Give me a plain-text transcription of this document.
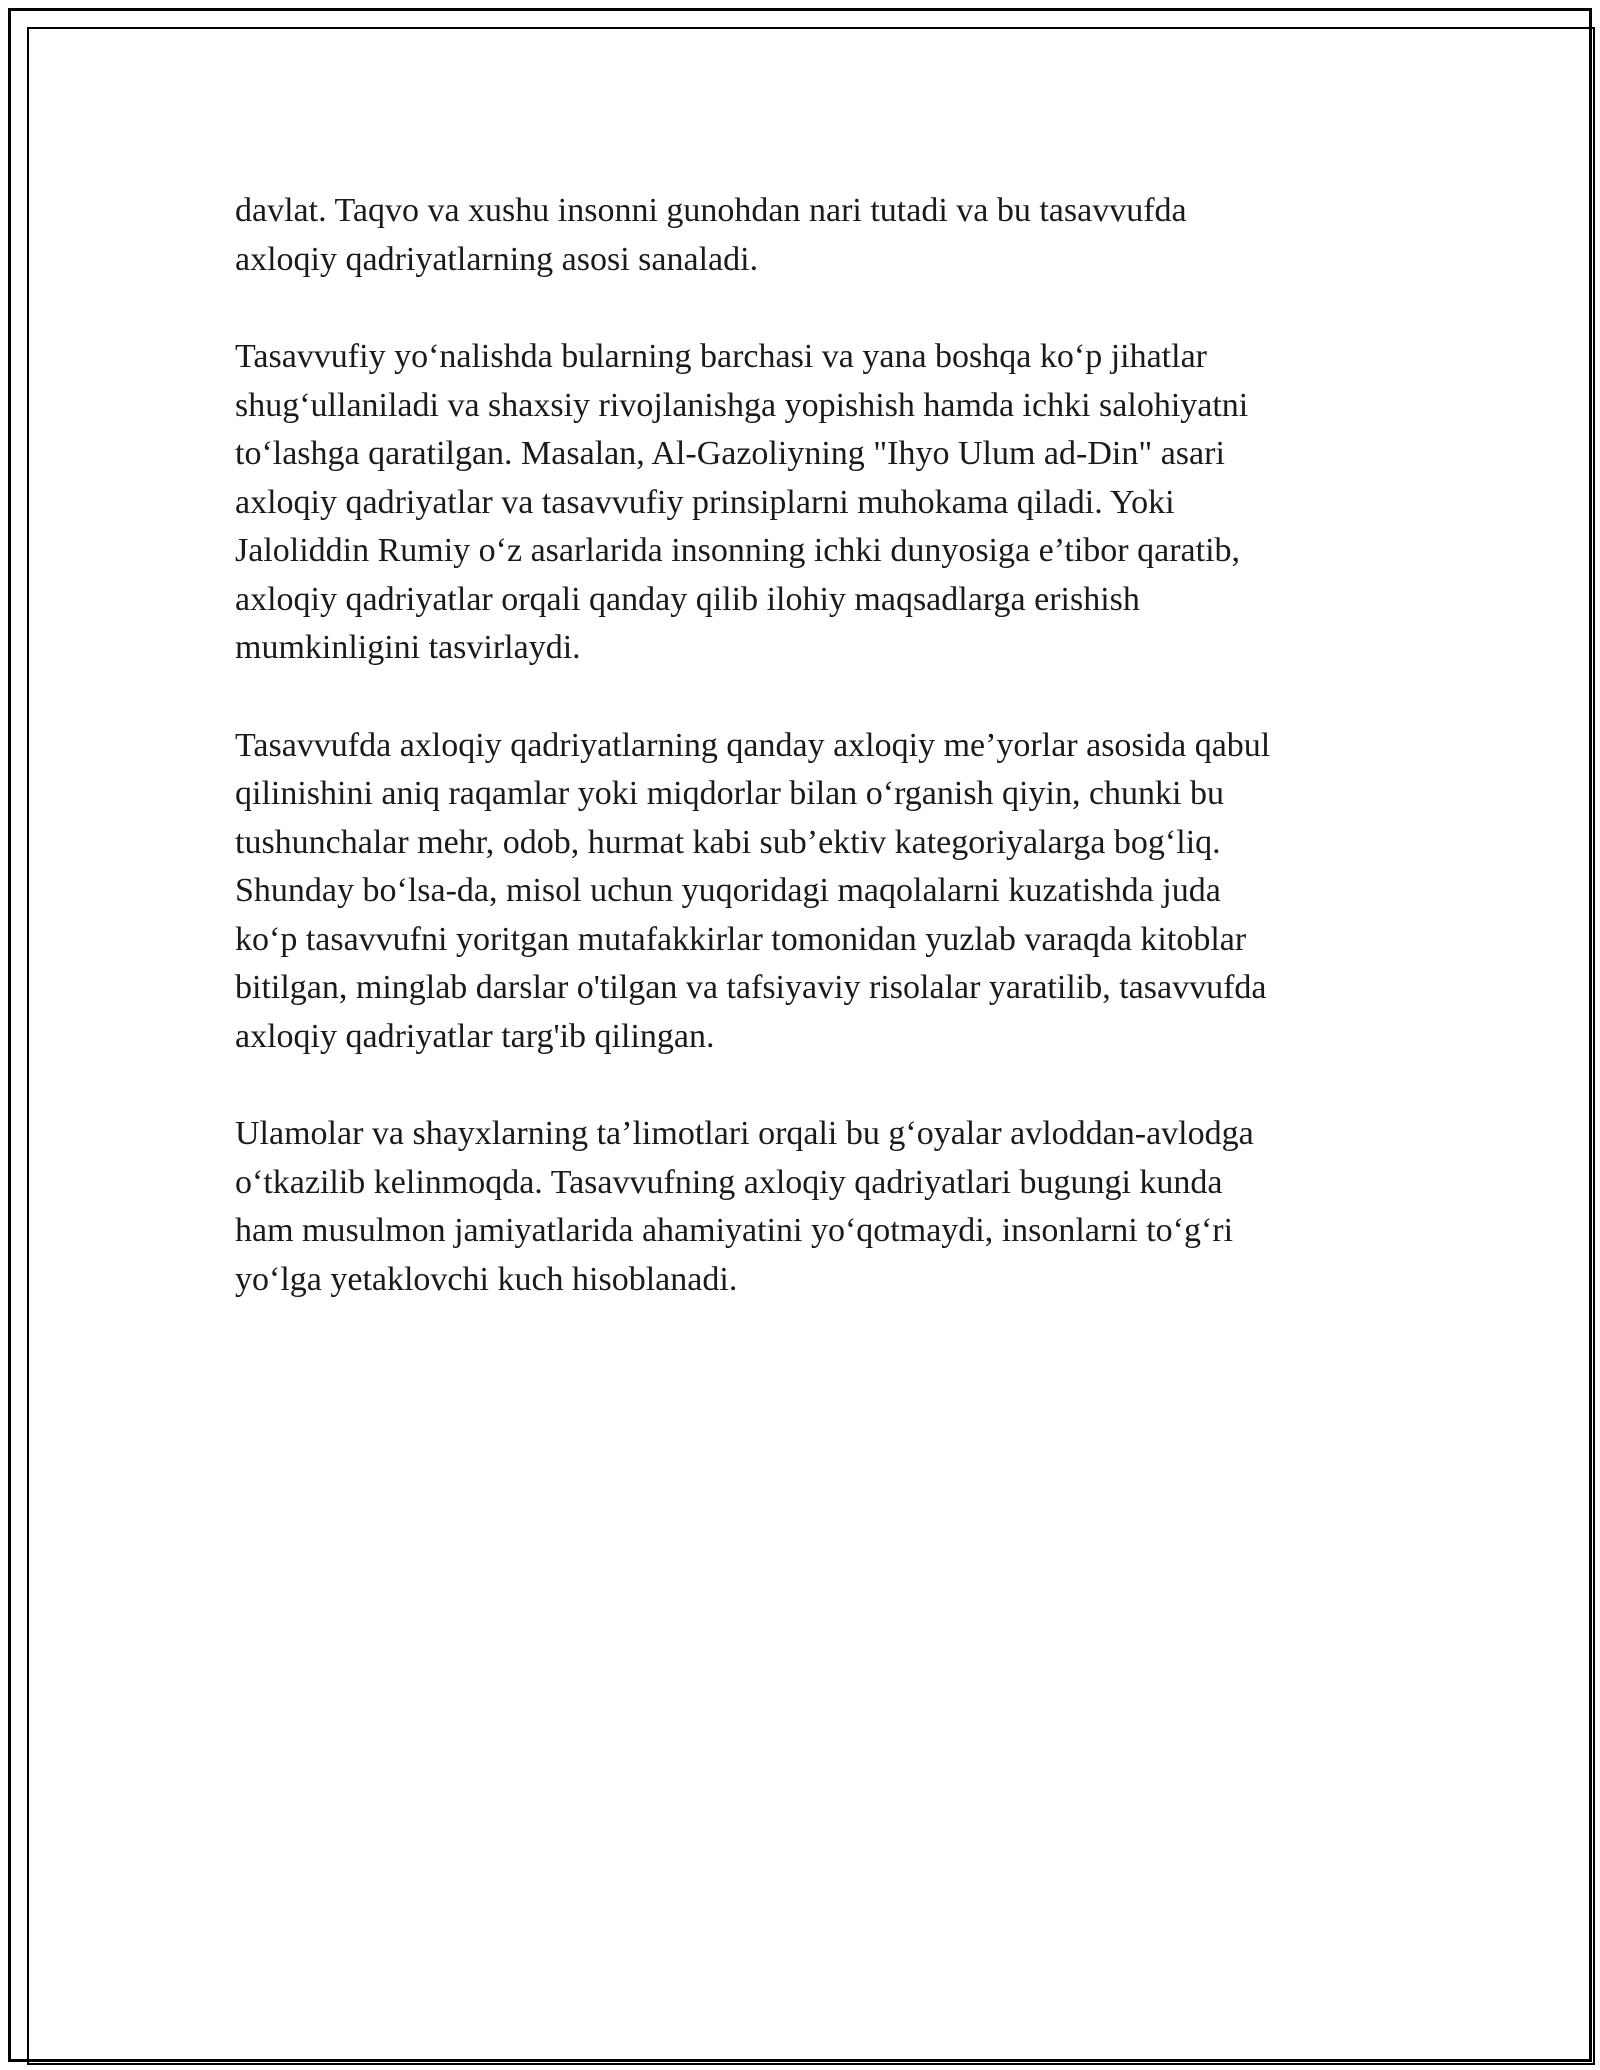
davlat. Taqvo va xushu insonni gunohdan nari tutadi va bu tasavvufda
axloqiy qadriyatlarning asosi sanaladi.

Tasavvufiy yo‘nalishda bularning barchasi va yana boshqa ko‘p jihatlar
shug‘ullaniladi va shaxsiy rivojlanishga yopishish hamda ichki salohiyatni
to‘lashga qaratilgan. Masalan, Al-Gazoliyning "Ihyo Ulum ad-Din" asari
axloqiy qadriyatlar va tasavvufiy prinsiplarni muhokama qiladi. Yoki
Jaloliddin Rumiy o‘z asarlarida insonning ichki dunyosiga e’tibor qaratib,
axloqiy qadriyatlar orqali qanday qilib ilohiy maqsadlarga erishish
mumkinligini tasvirlaydi.

Tasavvufda axloqiy qadriyatlarning qanday axloqiy me’yorlar asosida qabul
qilinishini aniq raqamlar yoki miqdorlar bilan o‘rganish qiyin, chunki bu
tushunchalar mehr, odob, hurmat kabi sub’ektiv kategoriyalarga bog‘liq.
Shunday bo‘lsa-da, misol uchun yuqoridagi maqolalarni kuzatishda juda
ko‘p tasavvufni yoritgan mutafakkirlar tomonidan yuzlab varaqda kitoblar
bitilgan, minglab darslar o'tilgan va tafsiyaviy risolalar yaratilib, tasavvufda
axloqiy qadriyatlar targ'ib qilingan.

Ulamolar va shayxlarning ta’limotlari orqali bu g‘oyalar avloddan-avlodga
o‘tkazilib kelinmoqda. Tasavvufning axloqiy qadriyatlari bugungi kunda
ham musulmon jamiyatlarida ahamiyatini yo‘qotmaydi, insonlarni to‘g‘ri
yo‘lga yetaklovchi kuch hisoblanadi.
